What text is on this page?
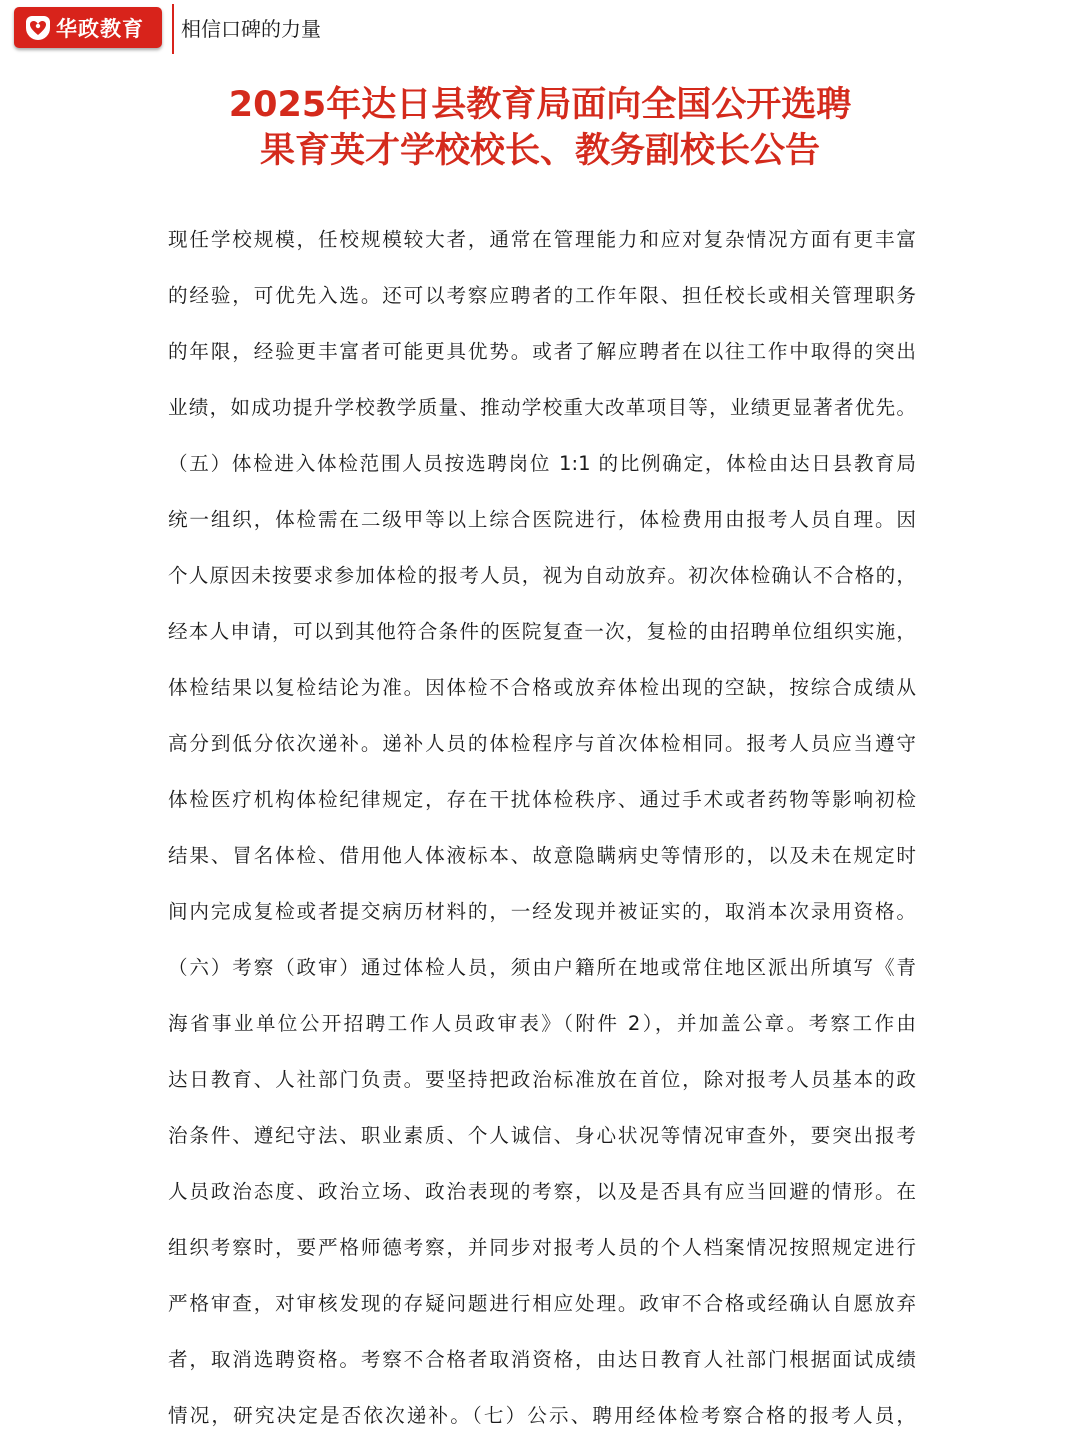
华政教育 相信口碑的力量
2025年达日县教育局面向全国公开选聘
果育英才学校校长、教务副校长公告
现任学校规模，任校规模较大者，通常在管理能力和应对复杂情况方面有更丰富
的经验，可优先入选。还可以考察应聘者的工作年限、担任校长或相关管理职务
的年限，经验更丰富者可能更具优势。或者了解应聘者在以往工作中取得的突出
业绩，如成功提升学校教学质量、推动学校重大改革项目等，业绩更显著者优先。
（五）体检进入体检范围人员按选聘岗位 1:1 的比例确定，体检由达日县教育局
统一组织，体检需在二级甲等以上综合医院进行，体检费用由报考人员自理。因
个人原因未按要求参加体检的报考人员，视为自动放弃。初次体检确认不合格的，
经本人申请，可以到其他符合条件的医院复查一次，复检的由招聘单位组织实施，
体检结果以复检结论为准。因体检不合格或放弃体检出现的空缺，按综合成绩从
高分到低分依次递补。递补人员的体检程序与首次体检相同。报考人员应当遵守
体检医疗机构体检纪律规定，存在干扰体检秩序、通过手术或者药物等影响初检
结果、冒名体检、借用他人体液标本、故意隐瞒病史等情形的，以及未在规定时
间内完成复检或者提交病历材料的，一经发现并被证实的，取消本次录用资格。
（六）考察（政审）通过体检人员，须由户籍所在地或常住地区派出所填写《青
海省事业单位公开招聘工作人员政审表》（附件 2），并加盖公章。考察工作由
达日教育、人社部门负责。要坚持把政治标准放在首位，除对报考人员基本的政
治条件、遵纪守法、职业素质、个人诚信、身心状况等情况审查外，要突出报考
人员政治态度、政治立场、政治表现的考察，以及是否具有应当回避的情形。在
组织考察时，要严格师德考察，并同步对报考人员的个人档案情况按照规定进行
严格审查，对审核发现的存疑问题进行相应处理。政审不合格或经确认自愿放弃
者，取消选聘资格。考察不合格者取消资格，由达日教育人社部门根据面试成绩
情况，研究决定是否依次递补。（七）公示、聘用经体检考察合格的报考人员，
